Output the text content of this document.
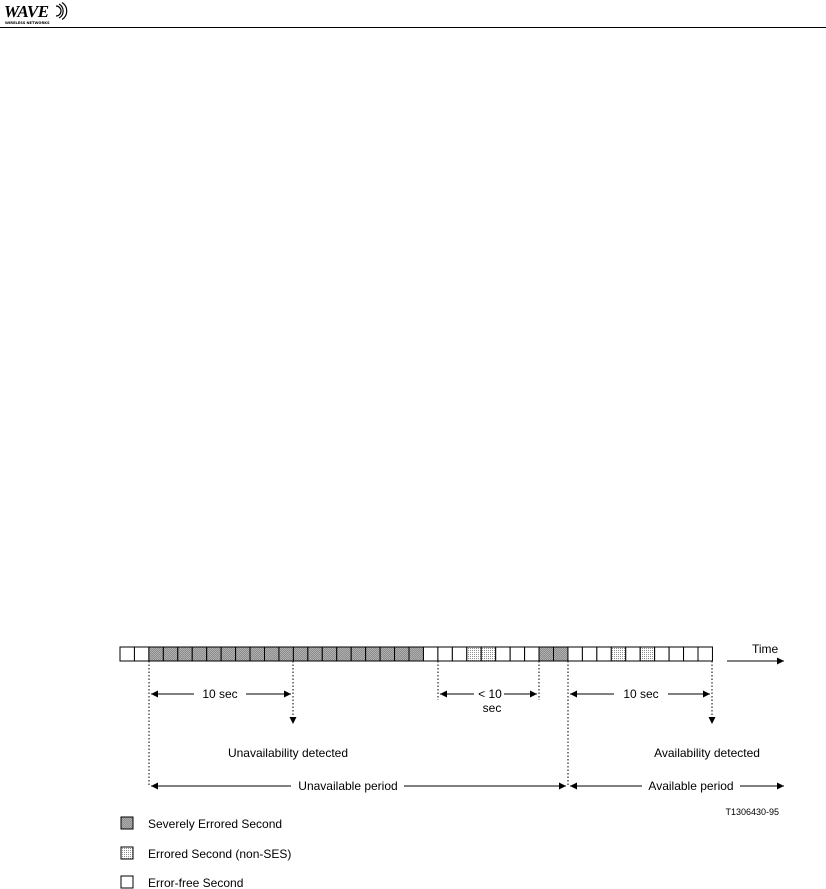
WAVE
WIRELESS NETWORKS
Time
10 sec	< 10
sec
10 sec
Unavailability detected	Availability detected
Unavailable period	Available period
T1306430-95
Severely Errored Second
Errored Second (non-SES)
Error-free Second
